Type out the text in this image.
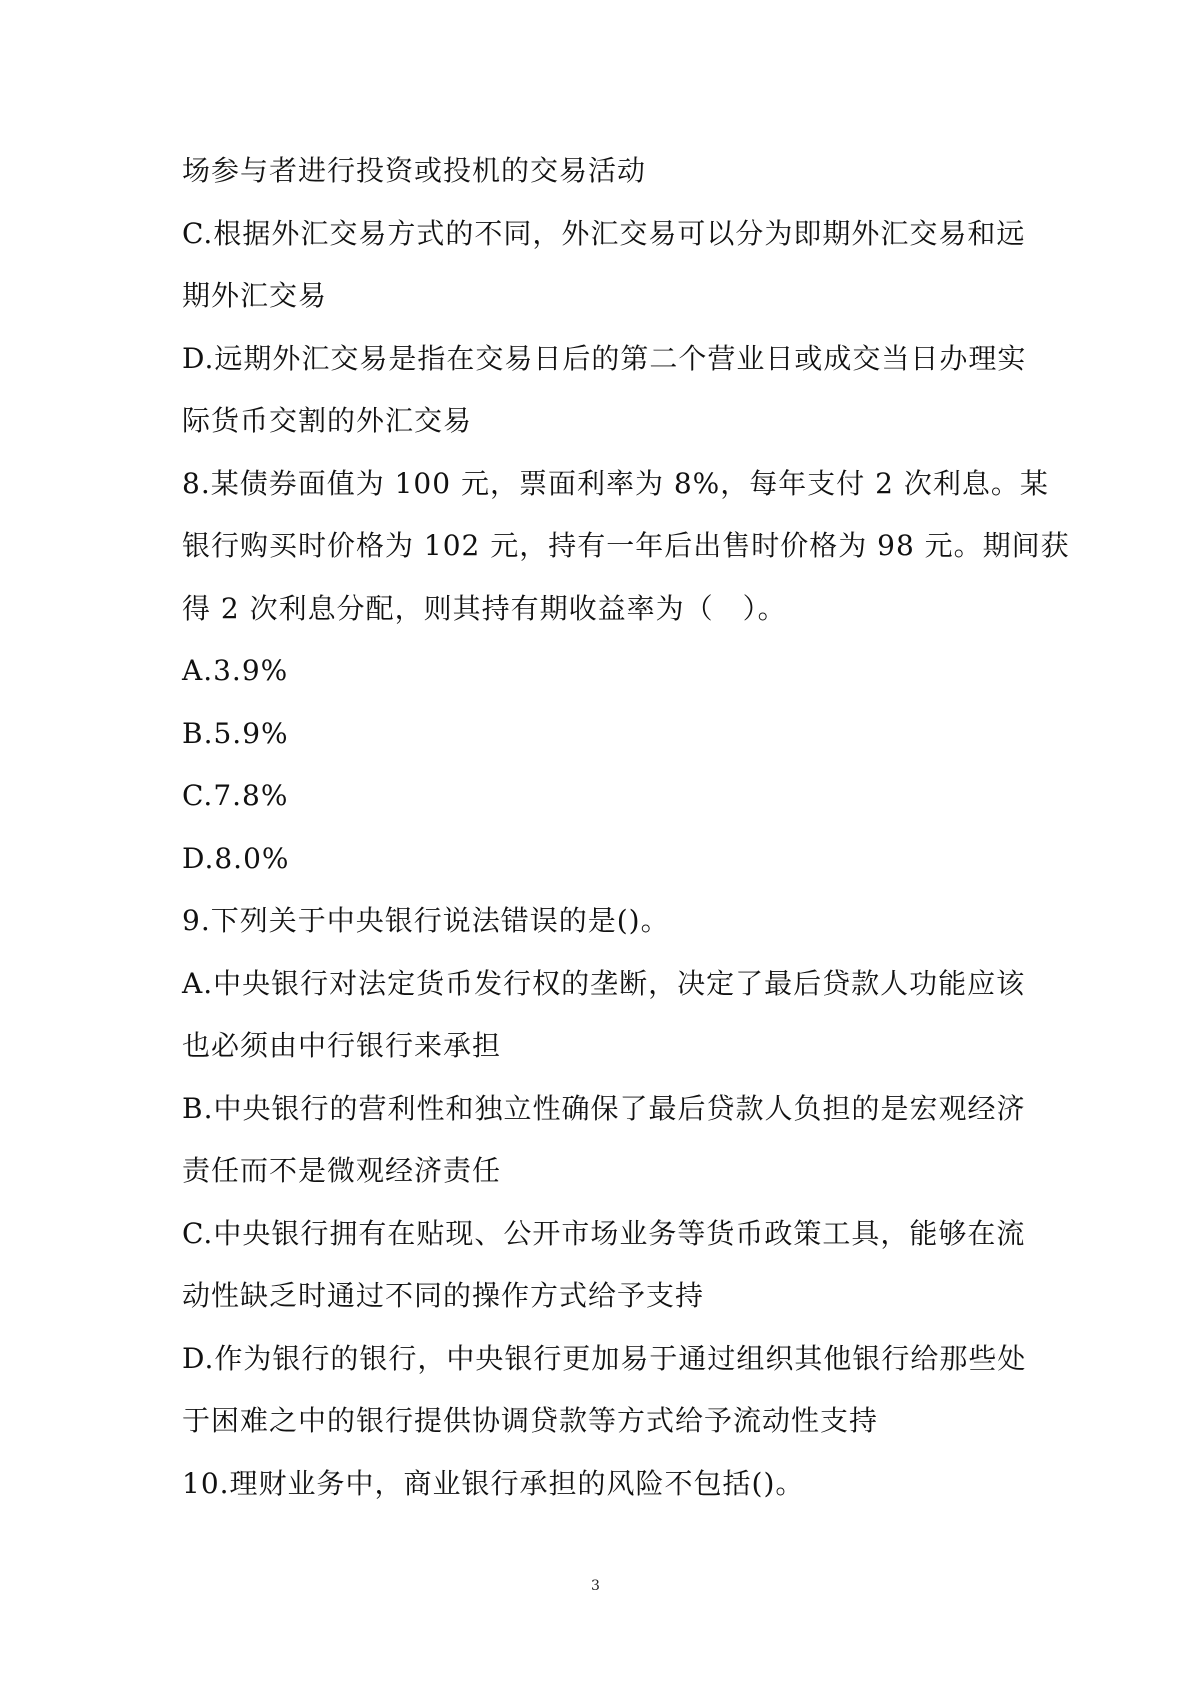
场参与者进行投资或投机的交易活动
C.根据外汇交易方式的不同，外汇交易可以分为即期外汇交易和远
期外汇交易
D.远期外汇交易是指在交易日后的第二个营业日或成交当日办理实
际货币交割的外汇交易
8.某债券面值为 100 元，票面利率为 8%，每年支付 2 次利息。某
银行购买时价格为 102 元，持有一年后出售时价格为 98 元。期间获
得 2 次利息分配，则其持有期收益率为（　）。
A.3.9%
B.5.9%
C.7.8%
D.8.0%
9.下列关于中央银行说法错误的是()。
A.中央银行对法定货币发行权的垄断，决定了最后贷款人功能应该
也必须由中行银行来承担
B.中央银行的营利性和独立性确保了最后贷款人负担的是宏观经济
责任而不是微观经济责任
C.中央银行拥有在贴现、公开市场业务等货币政策工具，能够在流
动性缺乏时通过不同的操作方式给予支持
D.作为银行的银行，中央银行更加易于通过组织其他银行给那些处
于困难之中的银行提供协调贷款等方式给予流动性支持
10.理财业务中，商业银行承担的风险不包括()。
3
